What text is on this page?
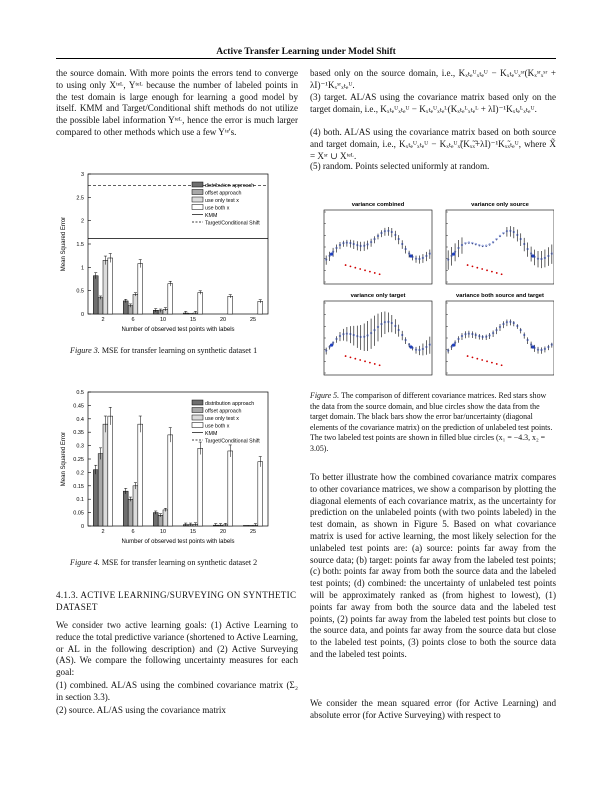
Active Transfer Learning under Model Shift
the source domain. With more points the errors tend to converge to using only Xᵗᵉᴸ, Yᵗᵉᴸ because the number of labeled points in the test domain is large enough for learning a good model by itself. KMM and Target/Conditional shift methods do not utilize the possible label information Yᵗᵉᴸ, hence the error is much larger compared to other methods which use a few Yᵗᵉ's.
0
0.5
1
1.5
2
2.5
3
Mean Squared Error
Number of observed test points with labels
2	6	10	15	20	25
distribution approach
offset approach
use only test x
use both x
KMM
Target/Conditional Shift
Figure 3. MSE for transfer learning on synthetic dataset 1
0
0.05
0.1
0.15
0.2
0.25
0.3
0.35
0.4
0.45
0.5
Mean Squared Error
Number of observed test points with labels
2	6	10	15	20	25
distribution approach
offset approach
use only test x
use both x
KMM
Target/Conditional Shift
Figure 4. MSE for transfer learning on synthetic dataset 2
4.1.3. ACTIVE LEARNING/SURVEYING ON SYNTHETIC DATASET
We consider two active learning goals: (1) Active Learning to reduce the total predictive variance (shortened to Active Learning, or AL in the following description) and (2) Active Surveying (AS). We compare the following uncertainty measures for each goal:
(1) combined. AL/AS using the combined covariance matrix (Σ₂ in section 3.3).
(2) source. AL/AS using the covariance matrix
based only on the source domain, i.e., Kₓₜₑᵁₓₜₑᵁ − Kₓₜₑᵁₓˢʳ(Kₓˢʳₓˢʳ + λI)⁻¹Kₓˢʳₓₜₑᵁ.
(3) target. AL/AS using the covariance matrix based only on the target domain, i.e., Kₓₜₑᵁₓₜₑᵁ − Kₓₜₑᵁₓₜₑᴸ(Kₓₜₑᴸₓₜₑᴸ + λI)⁻¹Kₓₜₑᴸₓₜₑᵁ.
(4) both. AL/AS using the covariance matrix based on both source and target domain, i.e., Kₓₜₑᵁₓₜₑᵁ − Kₓₜₑᵁₓ̃(Kₓ̃ₓ̃+λI)⁻¹Kₓ̃ₓₜₑᵁ, where X̃ = Xˢʳ ∪ Xᵗᵉᴸ.
(5) random. Points selected uniformly at random.
variance combined	variance only source
variance only target	variance both source and target
Figure 5. The comparison of different covariance matrices. Red stars show the data from the source domain, and blue circles show the data from the target domain. The black bars show the error bar/uncertainty (diagonal elements of the covariance matrix) on the prediction of unlabeled test points. The two labeled test points are shown in filled blue circles (x₁ = −4.3, x₂ = 3.05).
To better illustrate how the combined covariance matrix compares to other covariance matrices, we show a comparison by plotting the diagonal elements of each covariance matrix, as the uncertainty for prediction on the unlabeled points (with two points labeled) in the test domain, as shown in Figure 5. Based on what covariance matrix is used for active learning, the most likely selection for the unlabeled test points are: (a) source: points far away from the source data; (b) target: points far away from the labeled test points; (c) both: points far away from both the source data and the labeled test points; (d) combined: the uncertainty of unlabeled test points will be approximately ranked as (from highest to lowest), (1) points far away from both the source data and the labeled test points, (2) points far away from the labeled test points but close to the source data, and points far away from the source data but close to the labeled test points, (3) points close to both the source data and the labeled test points.
We consider the mean squared error (for Active Learning) and absolute error (for Active Surveying) with respect to
